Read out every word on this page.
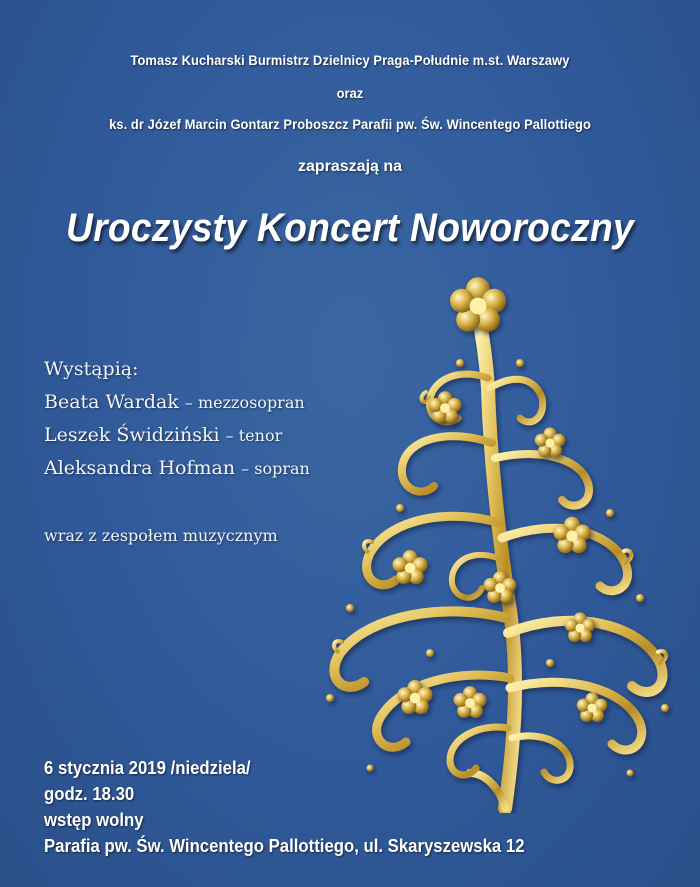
Tomasz Kucharski Burmistrz Dzielnicy Praga-Południe m.st. Warszawy
oraz
ks. dr Józef Marcin Gontarz Proboszcz Parafii pw. Św. Wincentego Pallottiego
zapraszają na
Uroczysty Koncert Noworoczny
Wystąpią:
Beata Wardak – mezzosopran
Leszek Świdziński – tenor
Aleksandra Hofman – sopran
wraz z zespołem muzycznym
6 stycznia 2019 /niedziela/
godz. 18.30
wstęp wolny
Parafia pw. Św. Wincentego Pallottiego, ul. Skaryszewska 12
